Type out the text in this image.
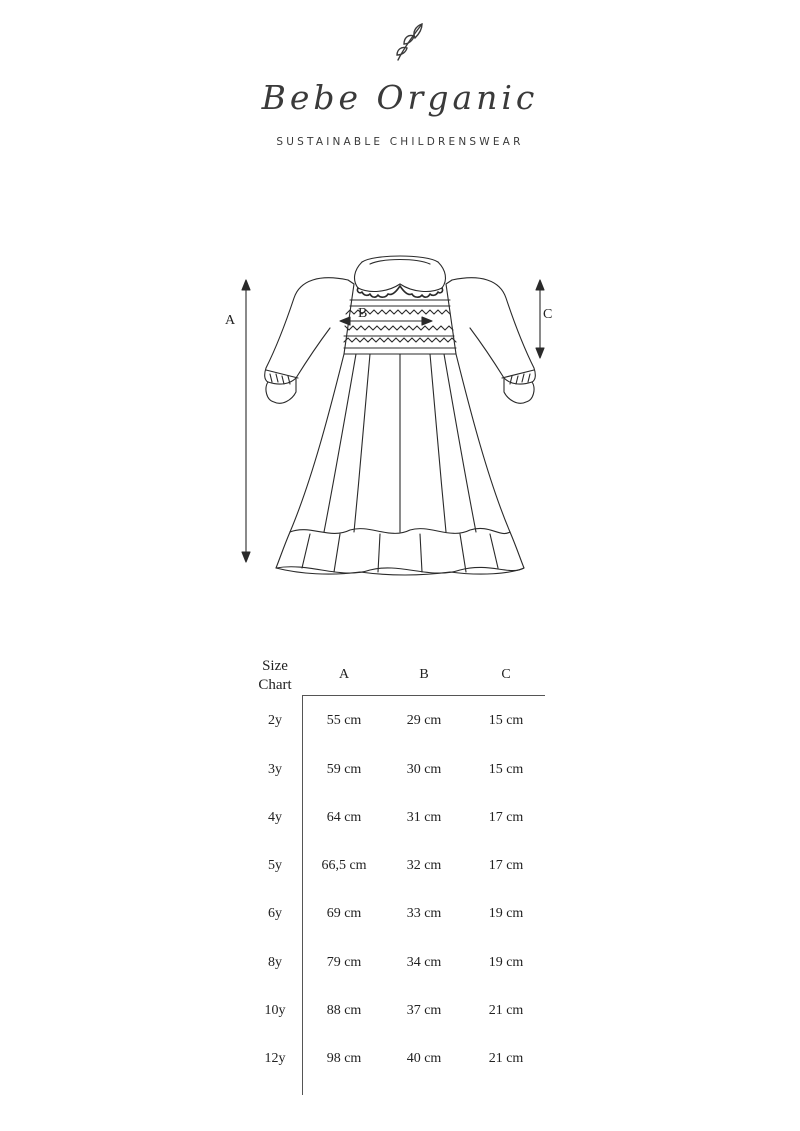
Bebe Organic
SUSTAINABLE CHILDRENSWEAR
A	B	C
Size
Chart
A	B	C
2y	55 cm	29 cm	15 cm
3y	59 cm	30 cm	15 cm
4y	64 cm	31 cm	17 cm
5y	66,5 cm	32 cm	17 cm
6y	69 cm	33 cm	19 cm
8y	79 cm	34 cm	19 cm
10y	88 cm	37 cm	21 cm
12y	98 cm	40 cm	21 cm
